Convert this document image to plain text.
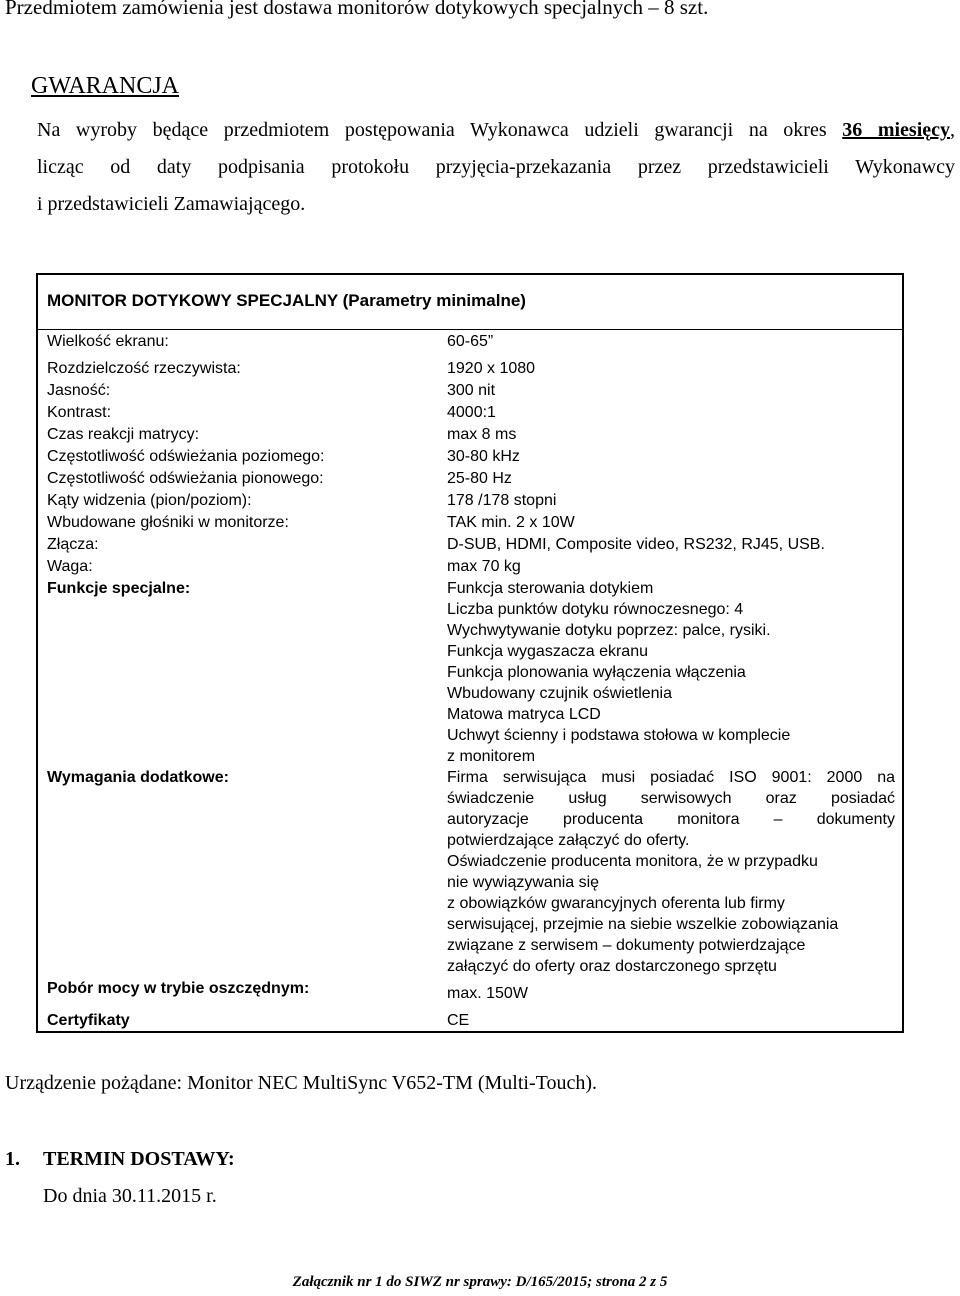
Przedmiotem zamówienia jest dostawa monitorów dotykowych specjalnych – 8 szt.
GWARANCJA
Na wyroby będące przedmiotem postępowania Wykonawca udzieli gwarancji na okres 36 miesięcy,
licząc od daty podpisania protokołu przyjęcia-przekazania przez przedstawicieli Wykonawcy
i przedstawicieli Zamawiającego.
MONITOR DOTYKOWY SPECJALNY (Parametry minimalne)
Wielkość ekranu:	60-65”
Rozdzielczość rzeczywista:	1920 x 1080
Jasność:	300 nit
Kontrast:	4000:1
Czas reakcji matrycy:	max 8 ms
Częstotliwość odświeżania poziomego:	30-80 kHz
Częstotliwość odświeżania pionowego:	25-80 Hz
Kąty widzenia (pion/poziom):	178 /178 stopni
Wbudowane głośniki w monitorze:	TAK min. 2 x 10W
Złącza:	D-SUB, HDMI, Composite video, RS232, RJ45, USB.
Waga:	max 70 kg
Funkcje specjalne:	Funkcja sterowania dotykiem
Liczba punktów dotyku równoczesnego: 4
Wychwytywanie dotyku poprzez: palce, rysiki.
Funkcja wygaszacza ekranu
Funkcja plonowania wyłączenia włączenia
Wbudowany czujnik oświetlenia
Matowa matryca LCD
Uchwyt ścienny i podstawa stołowa w komplecie
z monitorem
Wymagania dodatkowe:	Firma serwisująca musi posiadać ISO 9001: 2000 na
świadczenie usług serwisowych oraz posiadać
autoryzacje producenta monitora – dokumenty
potwierdzające załączyć do oferty.
Oświadczenie producenta monitora, że w przypadku
nie wywiązywania się
z obowiązków gwarancyjnych oferenta lub firmy
serwisującej, przejmie na siebie wszelkie zobowiązania
związane z serwisem – dokumenty potwierdzające
załączyć do oferty oraz dostarczonego sprzętu
Pobór mocy w trybie oszczędnym:	max. 150W
Certyfikaty	CE
Urządzenie pożądane: Monitor NEC MultiSync V652-TM (Multi-Touch).
1. TERMIN DOSTAWY:
Do dnia 30.11.2015 r.
Załącznik nr 1 do SIWZ nr sprawy: D/165/2015; strona 2 z 5
